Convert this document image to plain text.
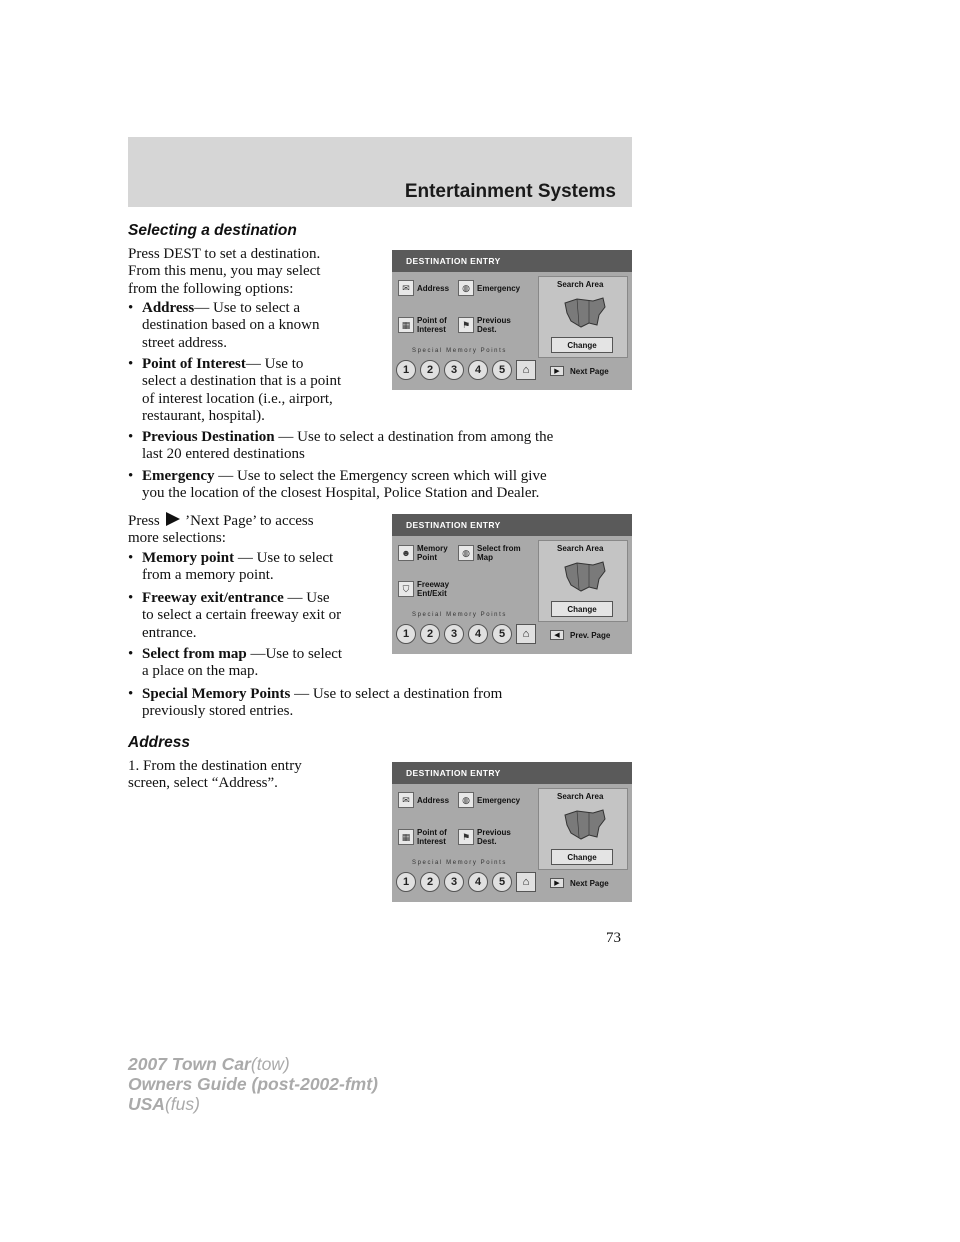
Entertainment Systems
Selecting a destination
Press DEST to set a destination.
From this menu, you may select
from the following options:
• Address— Use to select a
destination based on a known
street address.
• Point of Interest— Use to
select a destination that is a point
of interest location (i.e., airport,
restaurant, hospital).
• Previous Destination — Use to select a destination from among the
last 20 entered destinations
• Emergency — Use to select the Emergency screen which will give
you the location of the closest Hospital, Police Station and Dealer.
Press ’Next Page’ to access
more selections:
• Memory point — Use to select
from a memory point.
• Freeway exit/entrance — Use
to select a certain freeway exit or
entrance.
• Select from map —Use to select
a place on the map.
• Special Memory Points — Use to select a destination from
previously stored entries.
Address
1. From the destination entry
screen, select “Address”.
DESTINATION ENTRY
✉ Address	◍ Emergency
▦ Point of
Interest	⚑ Previous
Dest.
Special Memory Points
1	2	3	4	5	⌂
Search Area
Change
▶	Next Page
DESTINATION ENTRY
☻ Memory
Point	◍ Select from
Map
⛉ Freeway
Ent/Exit
Special Memory Points
1	2	3	4	5	⌂
Search Area
Change
◀	Prev. Page
DESTINATION ENTRY
✉ Address	◍ Emergency
▦ Point of
Interest	⚑ Previous
Dest.
Special Memory Points
1	2	3	4	5	⌂
Search Area
Change
▶	Next Page
73
2007 Town Car(tow)
Owners Guide (post-2002-fmt)
USA(fus)
